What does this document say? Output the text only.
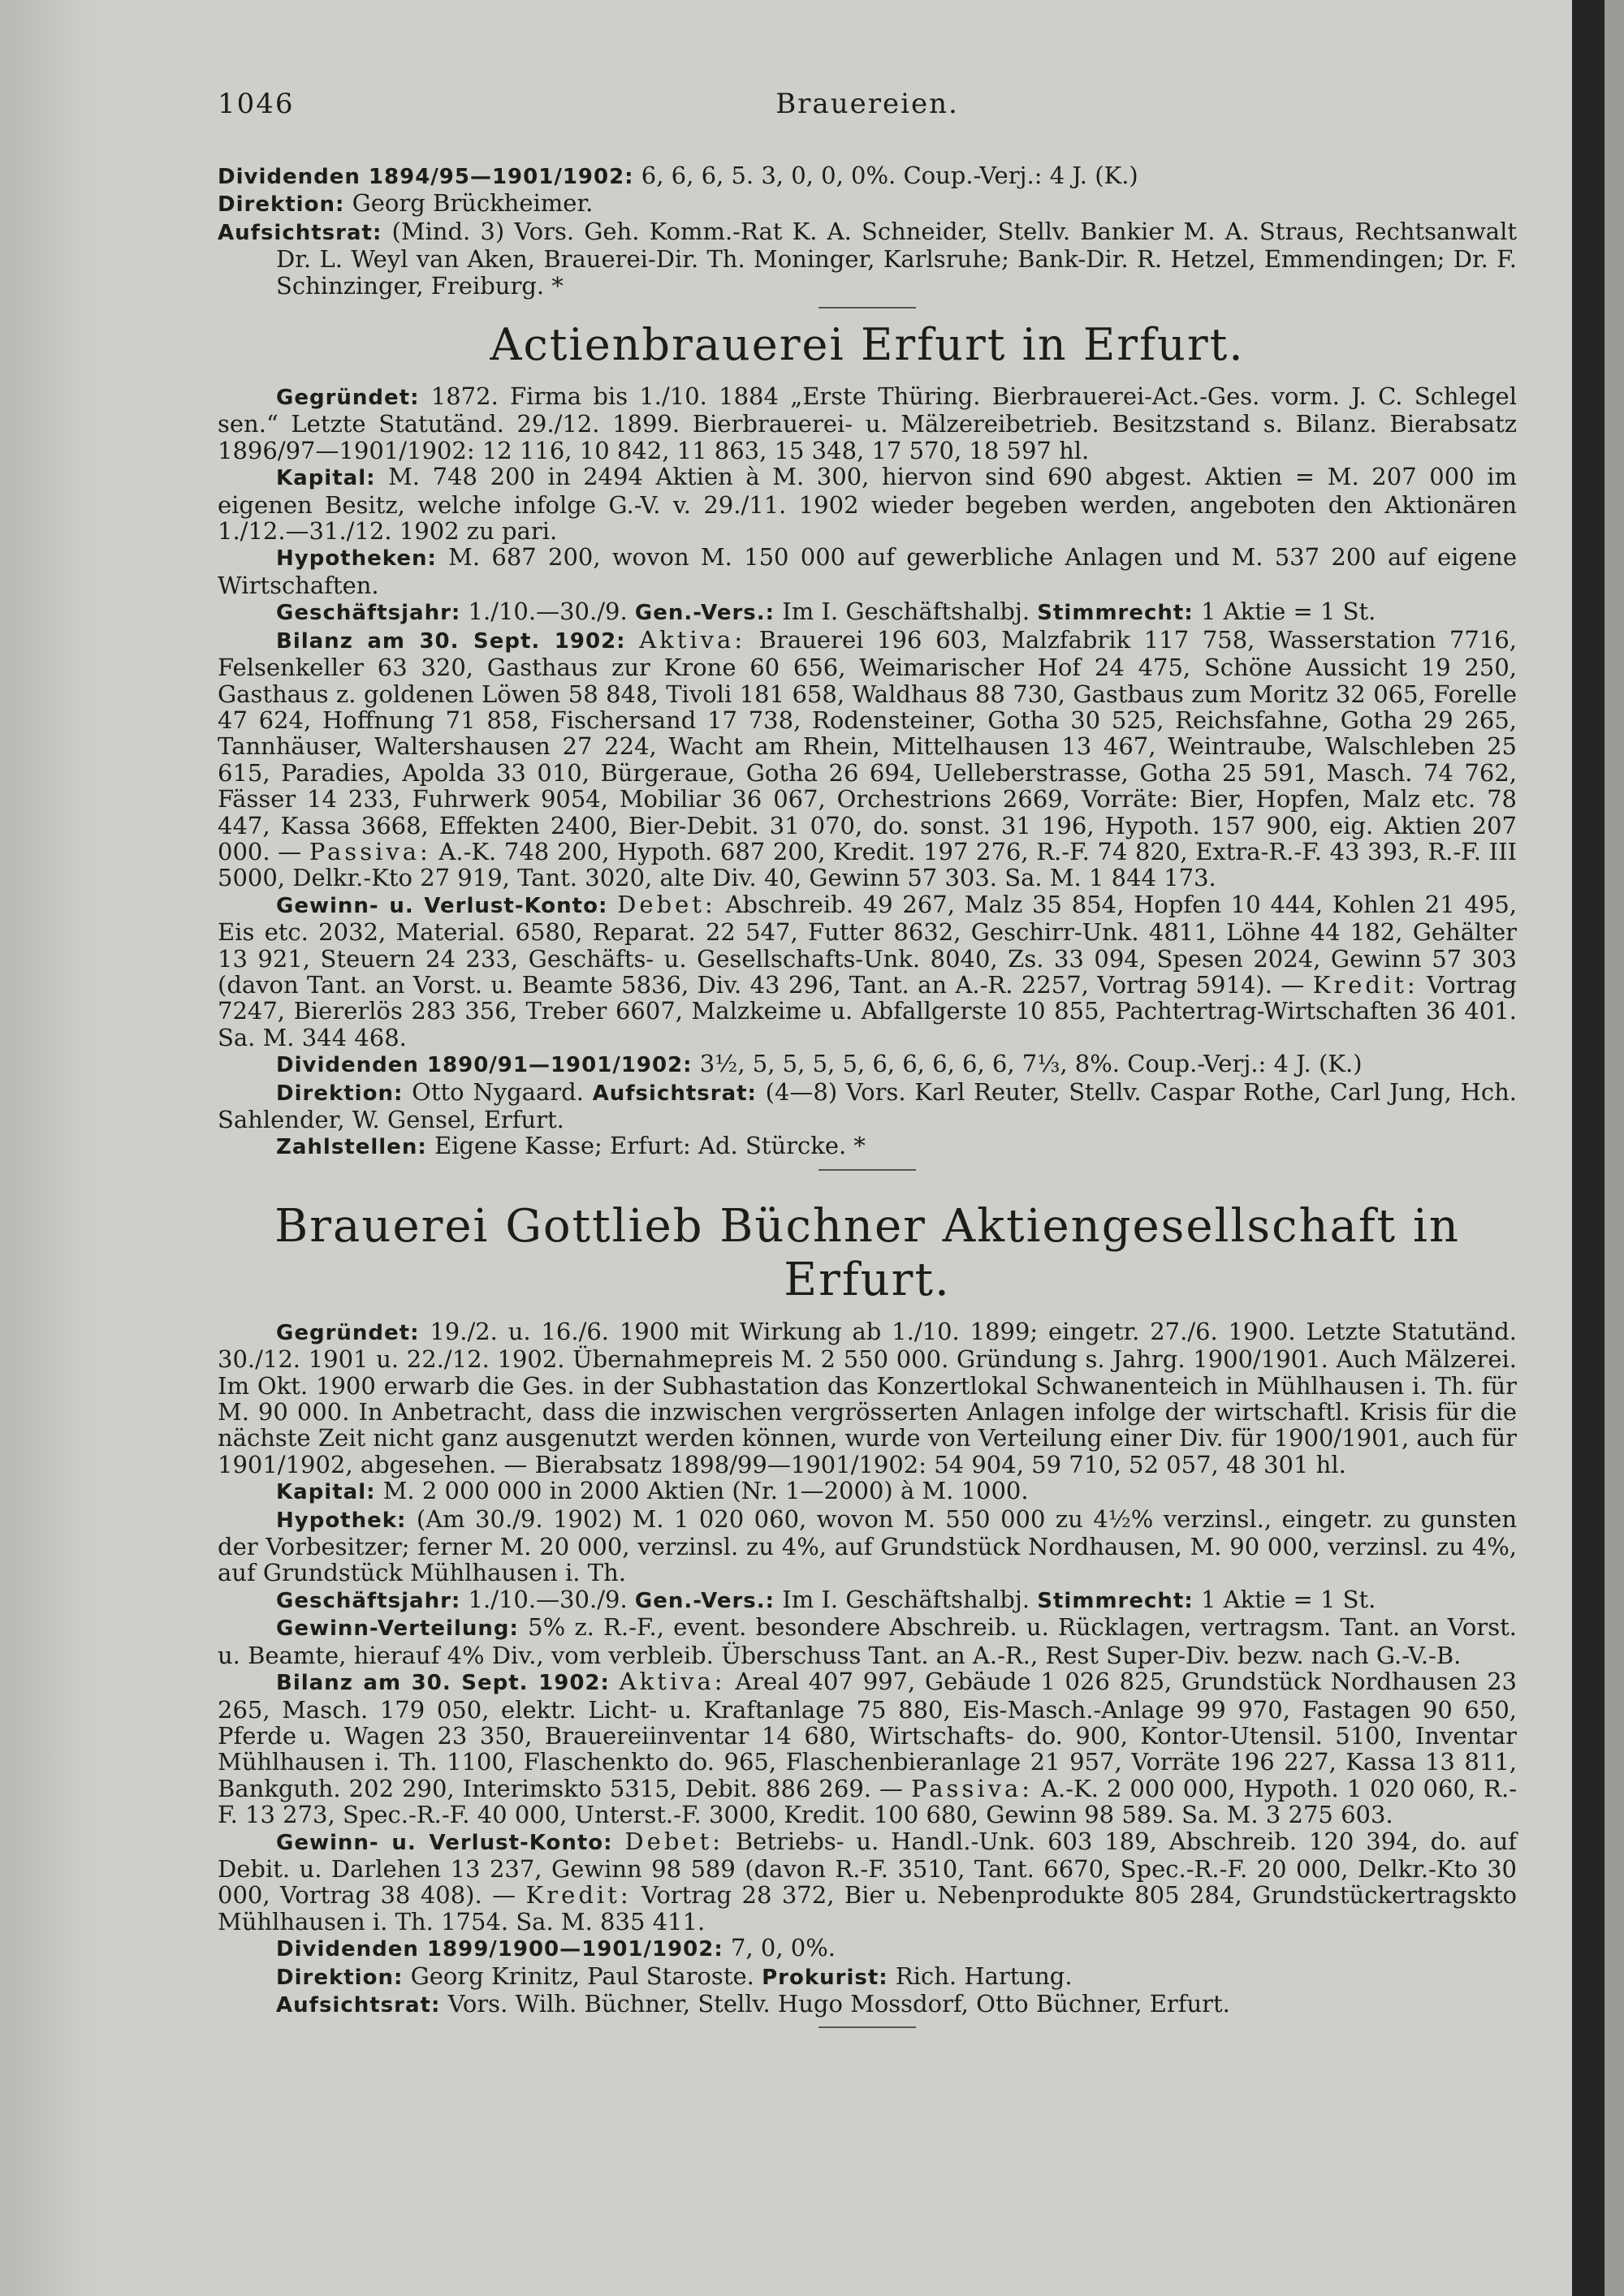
1046	Brauereien.

Dividenden 1894/95—1901/1902: 6, 6, 6, 5. 3, 0, 0, 0%. Coup.-Verj.: 4 J. (K.)

Direktion: Georg Brückheimer.

Aufsichtsrat: (Mind. 3) Vors. Geh. Komm.-Rat K. A. Schneider, Stellv. Bankier M. A. Straus, Rechtsanwalt Dr. L. Weyl van Aken, Brauerei-Dir. Th. Moninger, Karlsruhe; Bank-Dir. R. Hetzel, Emmendingen; Dr. F. Schinzinger, Freiburg. *

Actienbrauerei Erfurt in Erfurt.

Gegründet: 1872. Firma bis 1./10. 1884 „Erste Thüring. Bierbrauerei-Act.-Ges. vorm. J. C. Schlegel sen.“ Letzte Statutänd. 29./12. 1899. Bierbrauerei- u. Mälzereibetrieb. Besitzstand s. Bilanz. Bierabsatz 1896/97—1901/1902: 12 116, 10 842, 11 863, 15 348, 17 570, 18 597 hl.

Kapital: M. 748 200 in 2494 Aktien à M. 300, hiervon sind 690 abgest. Aktien = M. 207 000 im eigenen Besitz, welche infolge G.-V. v. 29./11. 1902 wieder begeben werden, angeboten den Aktionären 1./12.—31./12. 1902 zu pari.

Hypotheken: M. 687 200, wovon M. 150 000 auf gewerbliche Anlagen und M. 537 200 auf eigene Wirtschaften.

Geschäftsjahr: 1./10.—30./9. Gen.-Vers.: Im I. Geschäftshalbj. Stimmrecht: 1 Aktie = 1 St.

Bilanz am 30. Sept. 1902: Aktiva: Brauerei 196 603, Malzfabrik 117 758, Wasserstation 7716, Felsenkeller 63 320, Gasthaus zur Krone 60 656, Weimarischer Hof 24 475, Schöne Aussicht 19 250, Gasthaus z. goldenen Löwen 58 848, Tivoli 181 658, Waldhaus 88 730, Gastbaus zum Moritz 32 065, Forelle 47 624, Hoffnung 71 858, Fischersand 17 738, Rodensteiner, Gotha 30 525, Reichsfahne, Gotha 29 265, Tannhäuser, Waltershausen 27 224, Wacht am Rhein, Mittelhausen 13 467, Weintraube, Walschleben 25 615, Paradies, Apolda 33 010, Bürgeraue, Gotha 26 694, Uelleberstrasse, Gotha 25 591, Masch. 74 762, Fässer 14 233, Fuhrwerk 9054, Mobiliar 36 067, Orchestrions 2669, Vorräte: Bier, Hopfen, Malz etc. 78 447, Kassa 3668, Effekten 2400, Bier-Debit. 31 070, do. sonst. 31 196, Hypoth. 157 900, eig. Aktien 207 000. — Passiva: A.-K. 748 200, Hypoth. 687 200, Kredit. 197 276, R.-F. 74 820, Extra-R.-F. 43 393, R.-F. III 5000, Delkr.-Kto 27 919, Tant. 3020, alte Div. 40, Gewinn 57 303. Sa. M. 1 844 173.

Gewinn- u. Verlust-Konto: Debet: Abschreib. 49 267, Malz 35 854, Hopfen 10 444, Kohlen 21 495, Eis etc. 2032, Material. 6580, Reparat. 22 547, Futter 8632, Geschirr-Unk. 4811, Löhne 44 182, Gehälter 13 921, Steuern 24 233, Geschäfts- u. Gesellschafts-Unk. 8040, Zs. 33 094, Spesen 2024, Gewinn 57 303 (davon Tant. an Vorst. u. Beamte 5836, Div. 43 296, Tant. an A.-R. 2257, Vortrag 5914). — Kredit: Vortrag 7247, Biererlös 283 356, Treber 6607, Malzkeime u. Abfallgerste 10 855, Pachtertrag-Wirtschaften 36 401. Sa. M. 344 468.

Dividenden 1890/91—1901/1902: 3½, 5, 5, 5, 5, 6, 6, 6, 6, 6, 7⅓, 8%. Coup.-Verj.: 4 J. (K.)

Direktion: Otto Nygaard. Aufsichtsrat: (4—8) Vors. Karl Reuter, Stellv. Caspar Rothe, Carl Jung, Hch. Sahlender, W. Gensel, Erfurt.

Zahlstellen: Eigene Kasse; Erfurt: Ad. Stürcke. *

Brauerei Gottlieb Büchner Aktiengesellschaft in Erfurt.

Gegründet: 19./2. u. 16./6. 1900 mit Wirkung ab 1./10. 1899; eingetr. 27./6. 1900. Letzte Statutänd. 30./12. 1901 u. 22./12. 1902. Übernahmepreis M. 2 550 000. Gründung s. Jahrg. 1900/1901. Auch Mälzerei. Im Okt. 1900 erwarb die Ges. in der Subhastation das Konzertlokal Schwanenteich in Mühlhausen i. Th. für M. 90 000. In Anbetracht, dass die inzwischen vergrösserten Anlagen infolge der wirtschaftl. Krisis für die nächste Zeit nicht ganz ausgenutzt werden können, wurde von Verteilung einer Div. für 1900/1901, auch für 1901/1902, abgesehen. — Bierabsatz 1898/99—1901/1902: 54 904, 59 710, 52 057, 48 301 hl.

Kapital: M. 2 000 000 in 2000 Aktien (Nr. 1—2000) à M. 1000.

Hypothek: (Am 30./9. 1902) M. 1 020 060, wovon M. 550 000 zu 4½% verzinsl., eingetr. zu gunsten der Vorbesitzer; ferner M. 20 000, verzinsl. zu 4%, auf Grundstück Nordhausen, M. 90 000, verzinsl. zu 4%, auf Grundstück Mühlhausen i. Th.

Geschäftsjahr: 1./10.—30./9. Gen.-Vers.: Im I. Geschäftshalbj. Stimmrecht: 1 Aktie = 1 St.

Gewinn-Verteilung: 5% z. R.-F., event. besondere Abschreib. u. Rücklagen, vertragsm. Tant. an Vorst. u. Beamte, hierauf 4% Div., vom verbleib. Überschuss Tant. an A.-R., Rest Super-Div. bezw. nach G.-V.-B.

Bilanz am 30. Sept. 1902: Aktiva: Areal 407 997, Gebäude 1 026 825, Grundstück Nordhausen 23 265, Masch. 179 050, elektr. Licht- u. Kraftanlage 75 880, Eis-Masch.-Anlage 99 970, Fastagen 90 650, Pferde u. Wagen 23 350, Brauereiinventar 14 680, Wirtschafts- do. 900, Kontor-Utensil. 5100, Inventar Mühlhausen i. Th. 1100, Flaschenkto do. 965, Flaschenbieranlage 21 957, Vorräte 196 227, Kassa 13 811, Bankguth. 202 290, Interimskto 5315, Debit. 886 269. — Passiva: A.-K. 2 000 000, Hypoth. 1 020 060, R.-F. 13 273, Spec.-R.-F. 40 000, Unterst.-F. 3000, Kredit. 100 680, Gewinn 98 589. Sa. M. 3 275 603.

Gewinn- u. Verlust-Konto: Debet: Betriebs- u. Handl.-Unk. 603 189, Abschreib. 120 394, do. auf Debit. u. Darlehen 13 237, Gewinn 98 589 (davon R.-F. 3510, Tant. 6670, Spec.-R.-F. 20 000, Delkr.-Kto 30 000, Vortrag 38 408). — Kredit: Vortrag 28 372, Bier u. Nebenprodukte 805 284, Grundstückertragskto Mühlhausen i. Th. 1754. Sa. M. 835 411.

Dividenden 1899/1900—1901/1902: 7, 0, 0%.

Direktion: Georg Krinitz, Paul Staroste. Prokurist: Rich. Hartung.

Aufsichtsrat: Vors. Wilh. Büchner, Stellv. Hugo Mossdorf, Otto Büchner, Erfurt.
